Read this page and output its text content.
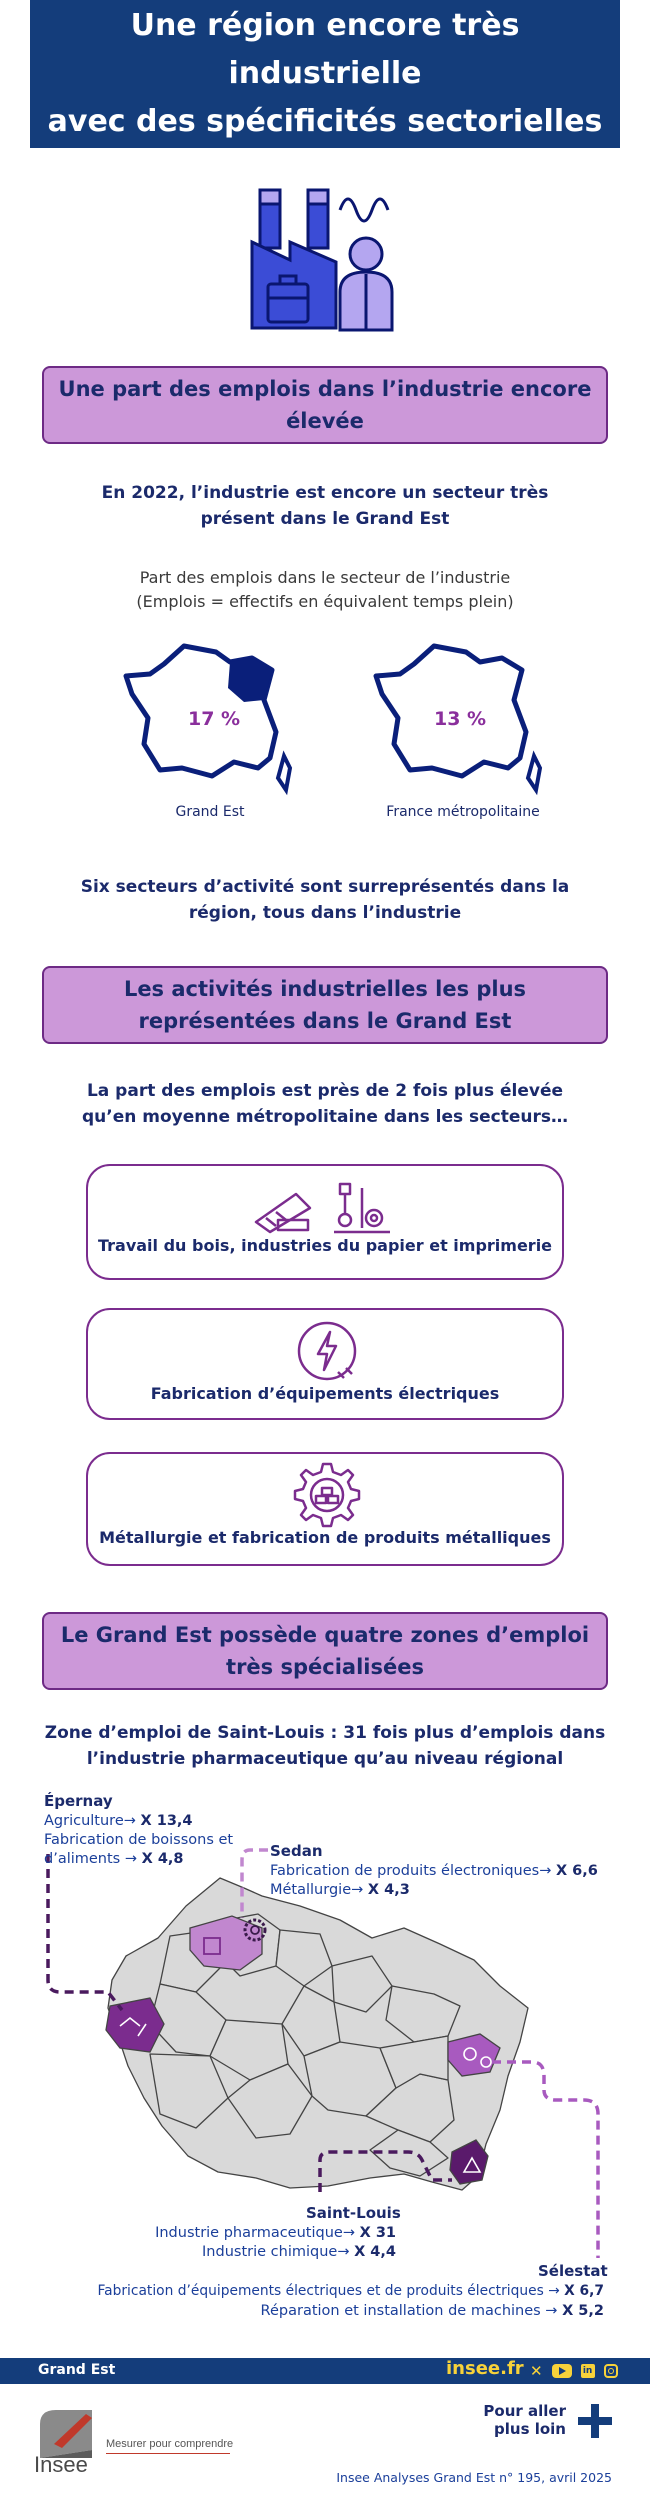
Une région encore très industrielle
avec des spécificités sectorielles
Une part des emplois dans l’industrie encore élevée
En 2022, l’industrie est encore un secteur très présent dans le Grand Est
Part des emplois dans le secteur de l’industrie
(Emplois = effectifs en équivalent temps plein)
17 %
Grand Est
13 %
France métropolitaine
Six secteurs d’activité sont surreprésentés dans la région, tous dans l’industrie
Les activités industrielles les plus représentées dans le Grand Est
La part des emplois est près de 2 fois plus élevée
qu’en moyenne métropolitaine dans les secteurs…
Travail du bois, industries du papier et imprimerie
Fabrication d’équipements électriques
Métallurgie et fabrication de produits métalliques
Le Grand Est possède quatre zones d’emploi très spécialisées
Zone d’emploi de Saint-Louis : 31 fois plus d’emplois dans
l’industrie pharmaceutique qu’au niveau régional
Épernay
Agriculture→ X 13,4
Fabrication de boissons et
d’aliments → X 4,8	Sedan
Fabrication de produits électroniques→ X 6,6
Métallurgie→ X 4,3
Saint-Louis
Industrie pharmaceutique→ X 31
Industrie chimique→ X 4,4
Sélestat
Fabrication d’équipements électriques et de produits électriques → X 6,7
Réparation et installation de machines → X 5,2
Grand Est	insee.fr ✕	in
Insee
Mesurer pour comprendre
Pour aller
plus loin
Insee Analyses Grand Est n° 195, avril 2025
